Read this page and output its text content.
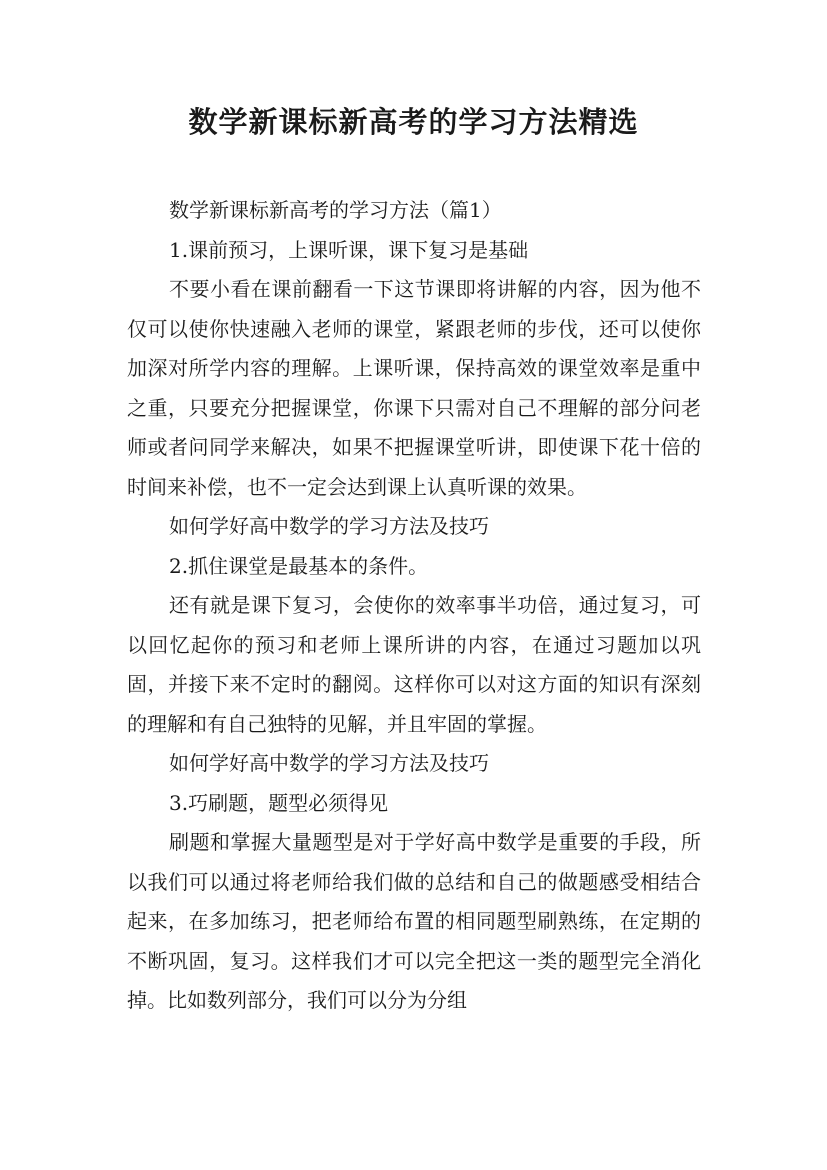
数学新课标新高考的学习方法精选

数学新课标新高考的学习方法（篇1）

1.课前预习，上课听课，课下复习是基础

不要小看在课前翻看一下这节课即将讲解的内容，因为他不仅可以使你快速融入老师的课堂，紧跟老师的步伐，还可以使你加深对所学内容的理解。上课听课，保持高效的课堂效率是重中之重，只要充分把握课堂，你课下只需对自己不理解的部分问老师或者问同学来解决，如果不把握课堂听讲，即使课下花十倍的时间来补偿，也不一定会达到课上认真听课的效果。

如何学好高中数学的学习方法及技巧

2.抓住课堂是最基本的条件。

还有就是课下复习，会使你的效率事半功倍，通过复习，可以回忆起你的预习和老师上课所讲的内容，在通过习题加以巩固，并接下来不定时的翻阅。这样你可以对这方面的知识有深刻的理解和有自己独特的见解，并且牢固的掌握。

如何学好高中数学的学习方法及技巧

3.巧刷题，题型必须得见

刷题和掌握大量题型是对于学好高中数学是重要的手段，所以我们可以通过将老师给我们做的总结和自己的做题感受相结合起来，在多加练习，把老师给布置的相同题型刷熟练，在定期的不断巩固，复习。这样我们才可以完全把这一类的题型完全消化掉。比如数列部分，我们可以分为分组
